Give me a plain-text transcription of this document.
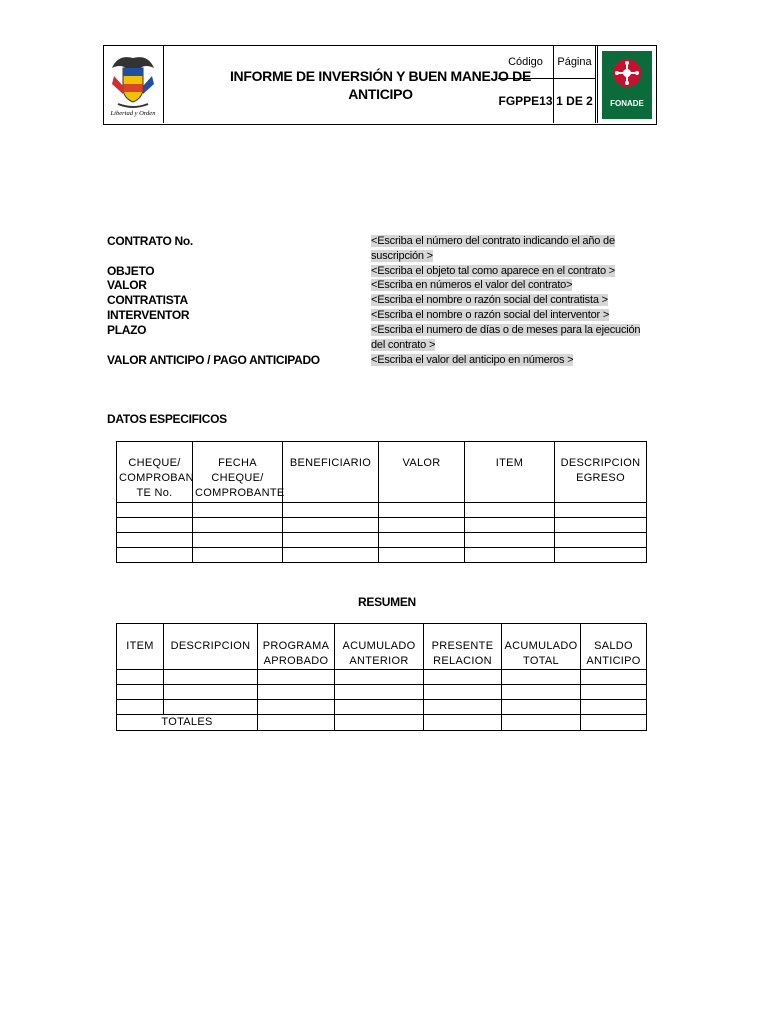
Libertad y Orden
INFORME DE INVERSIÓN Y BUEN MANEJO DE ANTICIPO
Código	Página
FGPPE13 1 DE 2	FONADE
CONTRATO No.	<Escriba el número del contrato indicando el año de suscripción >
OBJETO	<Escriba el objeto tal como aparece en el contrato >
VALOR	<Escriba en números el valor del contrato>
CONTRATISTA	<Escriba el nombre o razón social del contratista >
INTERVENTOR	<Escriba el nombre o razón social del interventor >
PLAZO	<Escriba el numero de días o de meses para la ejecución del contrato >
VALOR ANTICIPO / PAGO ANTICIPADO	<Escriba el valor del anticipo en números >
DATOS ESPECIFICOS
CHEQUE/ COMPROBAN TE No.	FECHA CHEQUE/ COMPROBANTE	BENEFICIARIO	VALOR	ITEM	DESCRIPCION EGRESO

RESUMEN
ITEM	DESCRIPCION	PROGRAMA APROBADO	ACUMULADO ANTERIOR	PRESENTE RELACION	ACUMULADO TOTAL	SALDO ANTICIPO

TOTALES						
